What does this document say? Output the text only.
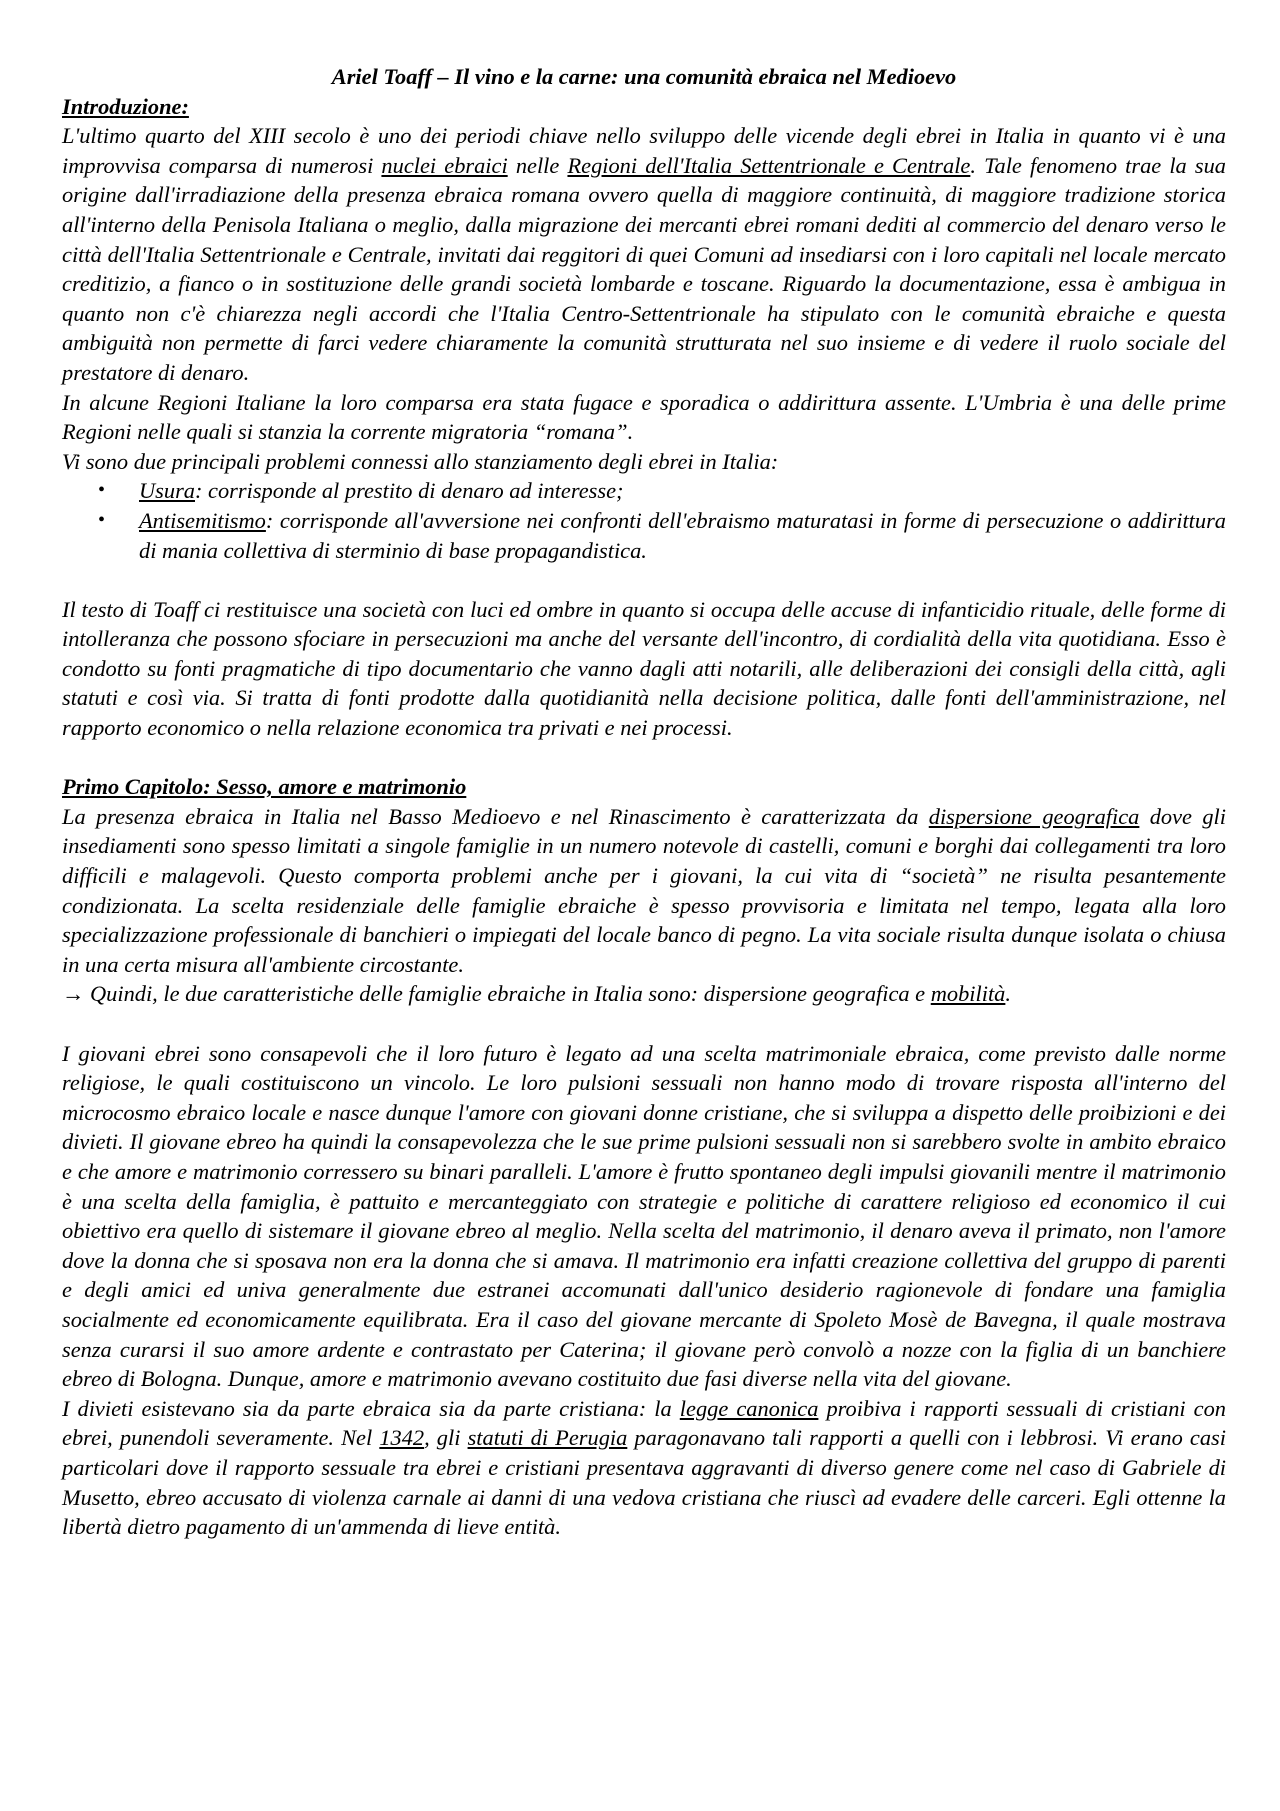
Ariel Toaff – Il vino e la carne: una comunità ebraica nel Medioevo
Introduzione:
L'ultimo quarto del XIII secolo è uno dei periodi chiave nello sviluppo delle vicende degli ebrei in Italia in quanto vi è una improvvisa comparsa di numerosi nuclei ebraici nelle Regioni dell'Italia Settentrionale e Centrale. Tale fenomeno trae la sua origine dall'irradiazione della presenza ebraica romana ovvero quella di maggiore continuità, di maggiore tradizione storica all'interno della Penisola Italiana o meglio, dalla migrazione dei mercanti ebrei romani dediti al commercio del denaro verso le città dell'Italia Settentrionale e Centrale, invitati dai reggitori di quei Comuni ad insediarsi con i loro capitali nel locale mercato creditizio, a fianco o in sostituzione delle grandi società lombarde e toscane. Riguardo la documentazione, essa è ambigua in quanto non c'è chiarezza negli accordi che l'Italia Centro-Settentrionale ha stipulato con le comunità ebraiche e questa ambiguità non permette di farci vedere chiaramente la comunità strutturata nel suo insieme e di vedere il ruolo sociale del prestatore di denaro.
In alcune Regioni Italiane la loro comparsa era stata fugace e sporadica o addirittura assente. L'Umbria è una delle prime Regioni nelle quali si stanzia la corrente migratoria “romana”.
Vi sono due principali problemi connessi allo stanziamento degli ebrei in Italia:
• Usura: corrisponde al prestito di denaro ad interesse;
• Antisemitismo: corrisponde all'avversione nei confronti dell'ebraismo maturatasi in forme di persecuzione o addirittura di mania collettiva di sterminio di base propagandistica.
Il testo di Toaff ci restituisce una società con luci ed ombre in quanto si occupa delle accuse di infanticidio rituale, delle forme di intolleranza che possono sfociare in persecuzioni ma anche del versante dell'incontro, di cordialità della vita quotidiana. Esso è condotto su fonti pragmatiche di tipo documentario che vanno dagli atti notarili, alle deliberazioni dei consigli della città, agli statuti e così via. Si tratta di fonti prodotte dalla quotidianità nella decisione politica, dalle fonti dell'amministrazione, nel rapporto economico o nella relazione economica tra privati e nei processi.
Primo Capitolo: Sesso, amore e matrimonio
La presenza ebraica in Italia nel Basso Medioevo e nel Rinascimento è caratterizzata da dispersione geografica dove gli insediamenti sono spesso limitati a singole famiglie in un numero notevole di castelli, comuni e borghi dai collegamenti tra loro difficili e malagevoli. Questo comporta problemi anche per i giovani, la cui vita di “società” ne risulta pesantemente condizionata. La scelta residenziale delle famiglie ebraiche è spesso provvisoria e limitata nel tempo, legata alla loro specializzazione professionale di banchieri o impiegati del locale banco di pegno. La vita sociale risulta dunque isolata o chiusa in una certa misura all'ambiente circostante.
→ Quindi, le due caratteristiche delle famiglie ebraiche in Italia sono: dispersione geografica e mobilità.
I giovani ebrei sono consapevoli che il loro futuro è legato ad una scelta matrimoniale ebraica, come previsto dalle norme religiose, le quali costituiscono un vincolo. Le loro pulsioni sessuali non hanno modo di trovare risposta all'interno del microcosmo ebraico locale e nasce dunque l'amore con giovani donne cristiane, che si sviluppa a dispetto delle proibizioni e dei divieti. Il giovane ebreo ha quindi la consapevolezza che le sue prime pulsioni sessuali non si sarebbero svolte in ambito ebraico e che amore e matrimonio corressero su binari paralleli. L'amore è frutto spontaneo degli impulsi giovanili mentre il matrimonio è una scelta della famiglia, è pattuito e mercanteggiato con strategie e politiche di carattere religioso ed economico il cui obiettivo era quello di sistemare il giovane ebreo al meglio. Nella scelta del matrimonio, il denaro aveva il primato, non l'amore dove la donna che si sposava non era la donna che si amava. Il matrimonio era infatti creazione collettiva del gruppo di parenti e degli amici ed univa generalmente due estranei accomunati dall'unico desiderio ragionevole di fondare una famiglia socialmente ed economicamente equilibrata. Era il caso del giovane mercante di Spoleto Mosè de Bavegna, il quale mostrava senza curarsi il suo amore ardente e contrastato per Caterina; il giovane però convolò a nozze con la figlia di un banchiere ebreo di Bologna. Dunque, amore e matrimonio avevano costituito due fasi diverse nella vita del giovane.
I divieti esistevano sia da parte ebraica sia da parte cristiana: la legge canonica proibiva i rapporti sessuali di cristiani con ebrei, punendoli severamente. Nel 1342, gli statuti di Perugia paragonavano tali rapporti a quelli con i lebbrosi. Vi erano casi particolari dove il rapporto sessuale tra ebrei e cristiani presentava aggravanti di diverso genere come nel caso di Gabriele di Musetto, ebreo accusato di violenza carnale ai danni di una vedova cristiana che riuscì ad evadere delle carceri. Egli ottenne la libertà dietro pagamento di un'ammenda di lieve entità.
